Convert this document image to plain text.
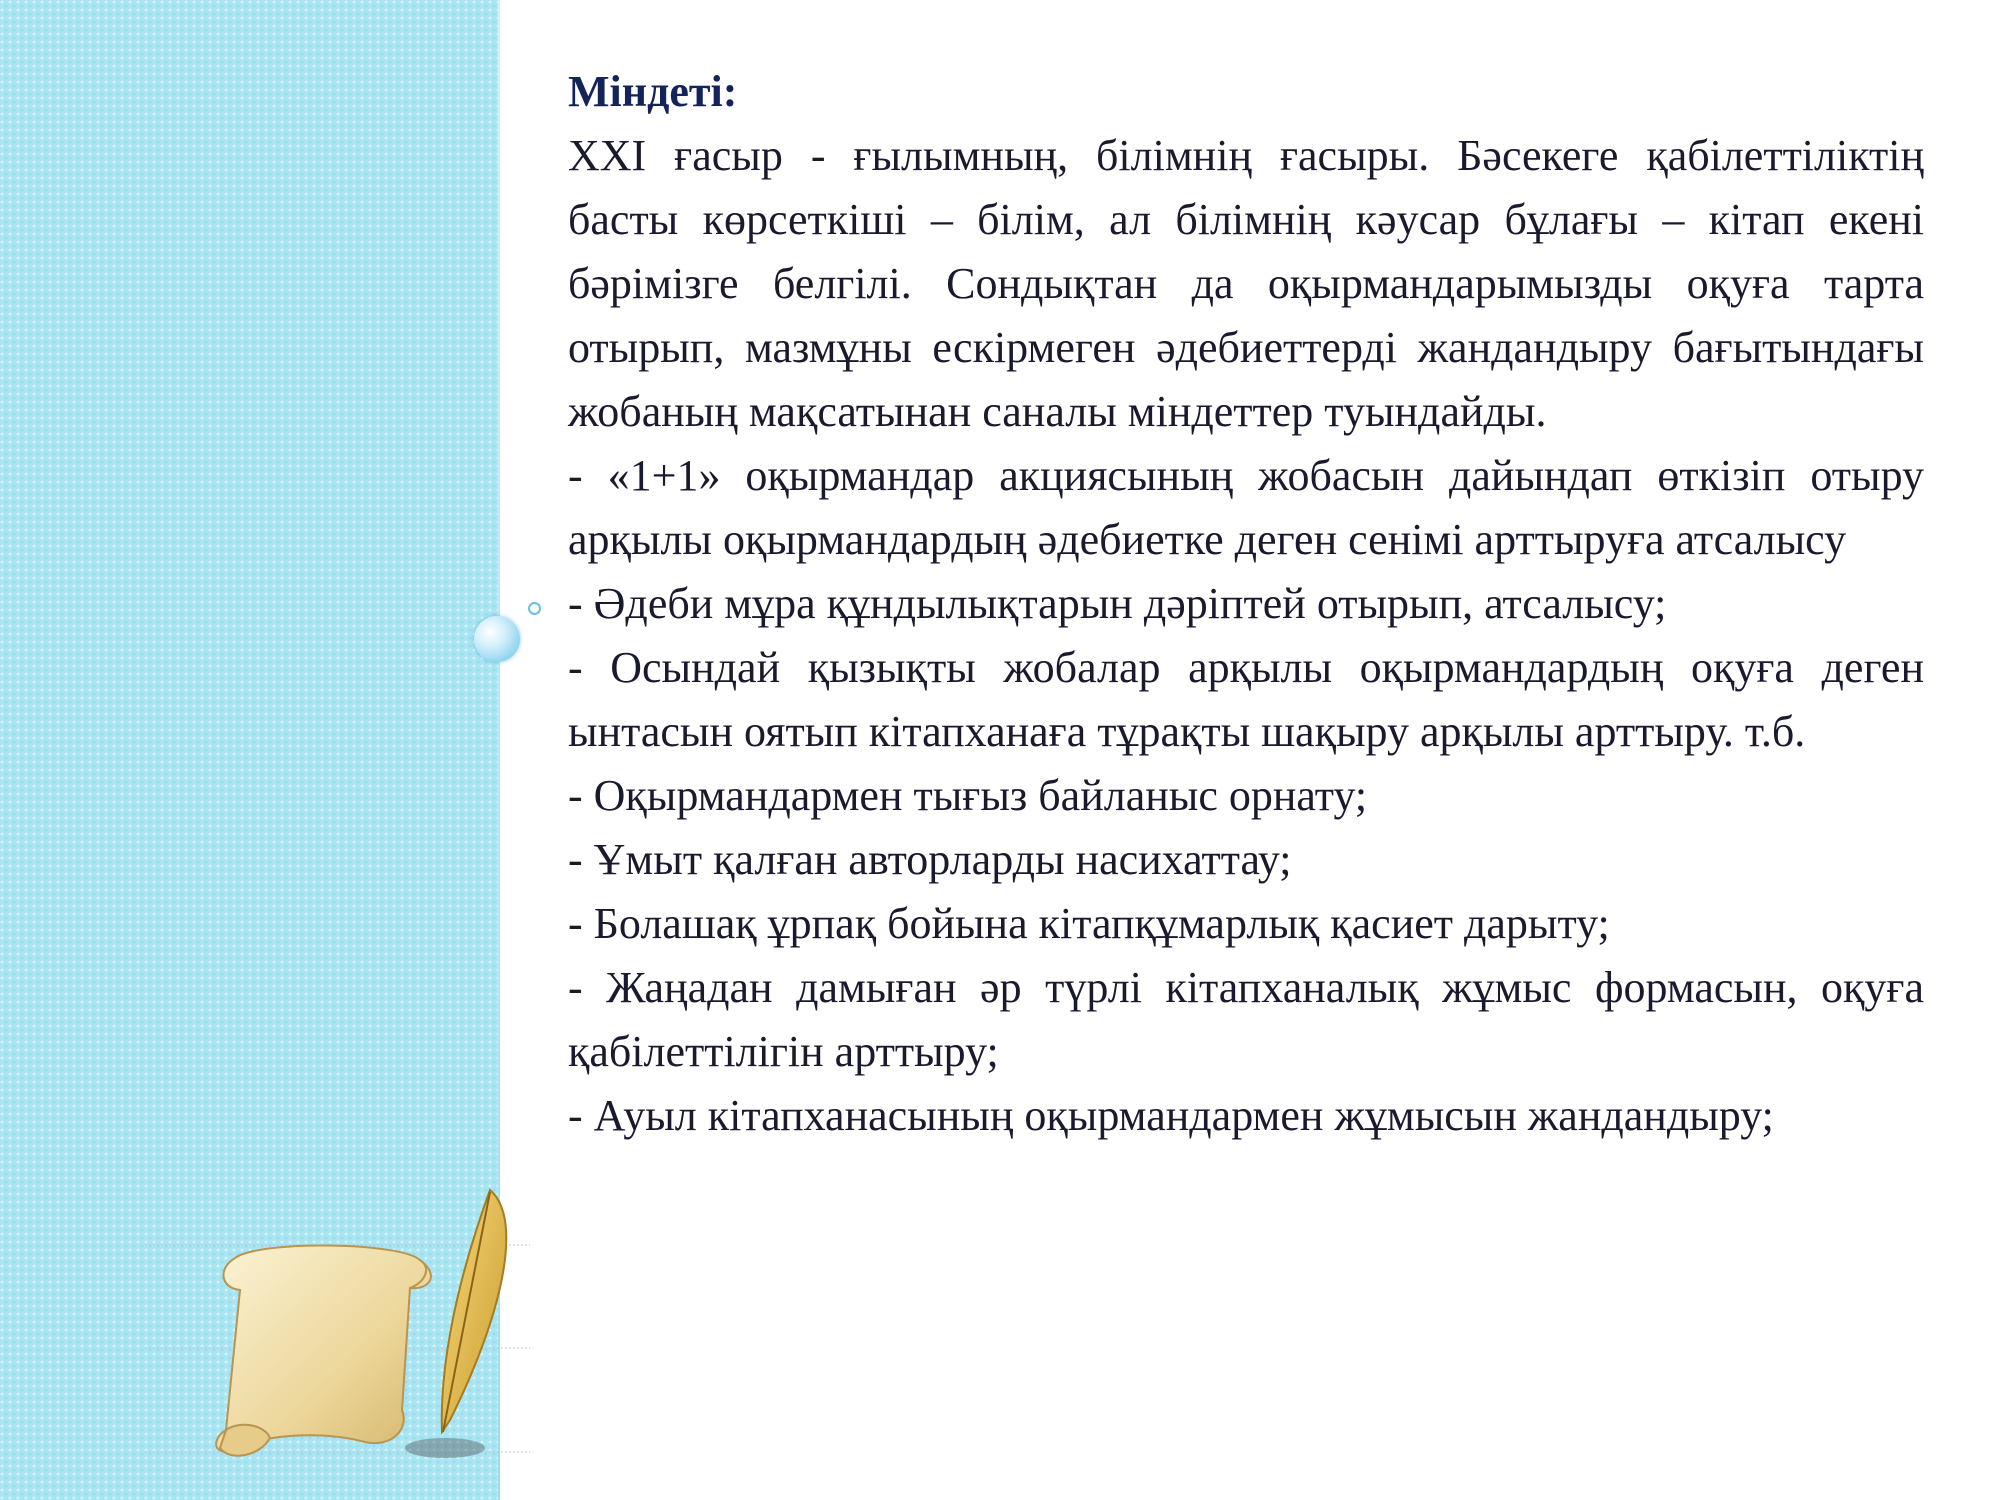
Міндеті:

XXI ғасыр - ғылымның, білімнің ғасыры. Бәсекеге қабілеттіліктің басты көрсеткіші – білім, ал білімнің кәусар бұлағы – кітап екені бәрімізге белгілі. Сондықтан да оқырмандарымызды оқуға тарта отырып, мазмұны ескірмеген әдебиеттерді жандандыру бағытындағы жобаның мақсатынан саналы міндеттер туындайды.

- «1+1» оқырмандар акциясының жобасын дайындап өткізіп отыру арқылы оқырмандардың әдебиетке деген сенімі арттыруға атсалысу

- Әдеби мұра құндылықтарын дәріптей отырып, атсалысу;

- Осындай қызықты жобалар арқылы оқырмандардың оқуға деген ынтасын оятып кітапханаға тұрақты шақыру арқылы арттыру. т.б.

- Оқырмандармен тығыз байланыс орнату;

- Ұмыт қалған авторларды насихаттау;

- Болашақ ұрпақ бойына кітапқұмарлық қасиет дарыту;

- Жаңадан дамыған әр түрлі кітапханалық жұмыс формасын, оқуға қабілеттілігін арттыру;

- Ауыл кітапханасының оқырмандармен жұмысын жандандыру;
